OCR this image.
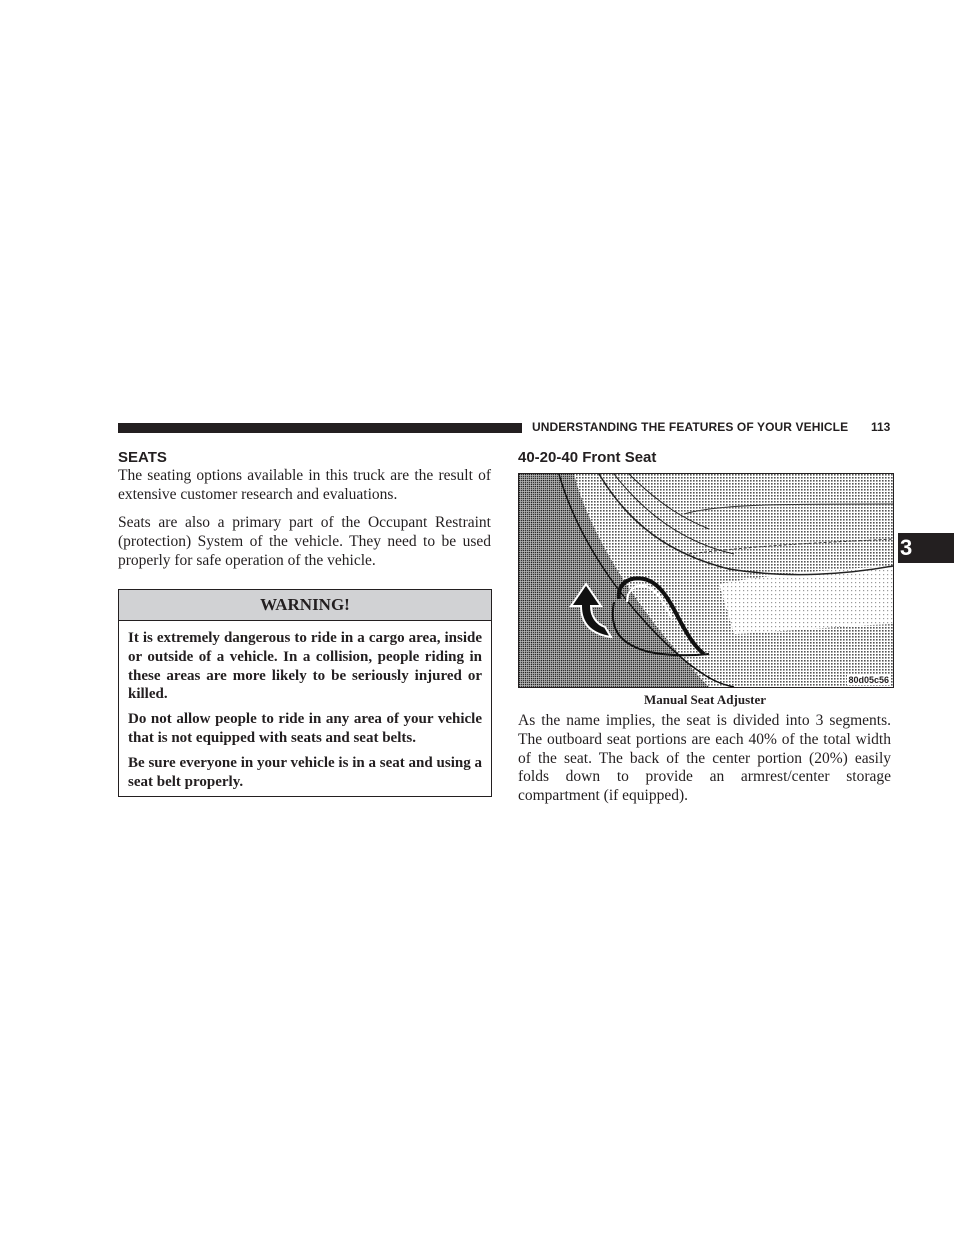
UNDERSTANDING THE FEATURES OF YOUR VEHICLE 113
3
SEATS
The seating options available in this truck are the result of extensive customer research and evaluations.
Seats are also a primary part of the Occupant Restraint (protection) System of the vehicle. They need to be used properly for safe operation of the vehicle.
WARNING!

It is extremely dangerous to ride in a cargo area, inside or outside of a vehicle. In a collision, people riding in these areas are more likely to be seriously injured or killed.

Do not allow people to ride in any area of your vehicle that is not equipped with seats and seat belts.

Be sure everyone in your vehicle is in a seat and using a seat belt properly.

40-20-40 Front Seat
80d05c56
Manual Seat Adjuster
As the name implies, the seat is divided into 3 segments. The outboard seat portions are each 40% of the total width of the seat. The back of the center portion (20%) easily folds down to provide an armrest/center storage compartment (if equipped).
